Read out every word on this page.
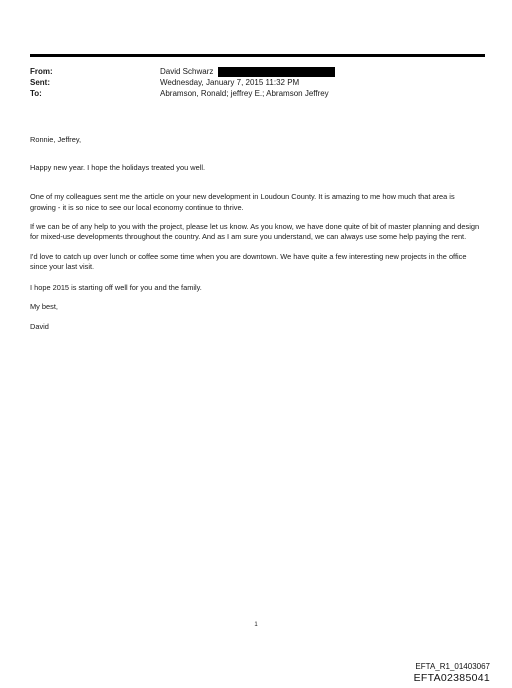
From:	David Schwarz
Sent:	Wednesday, January 7, 2015 11:32 PM
To:	Abramson, Ronald; jeffrey E.; Abramson Jeffrey

Ronnie, Jeffrey,

Happy new year. I hope the holidays treated you well.

One of my colleagues sent me the article on your new development in Loudoun County. It is amazing to me how much that area is growing - it is so nice to see our local economy continue to thrive.

If we can be of any help to you with the project, please let us know. As you know, we have done quite of bit of master planning and design for mixed-use developments throughout the country. And as I am sure you understand, we can always use some help paying the rent.

I'd love to catch up over lunch or coffee some time when you are downtown. We have quite a few interesting new projects in the office since your last visit.

I hope 2015 is starting off well for you and the family.

My best,

David

1
EFTA_R1_01403067
EFTA02385041
